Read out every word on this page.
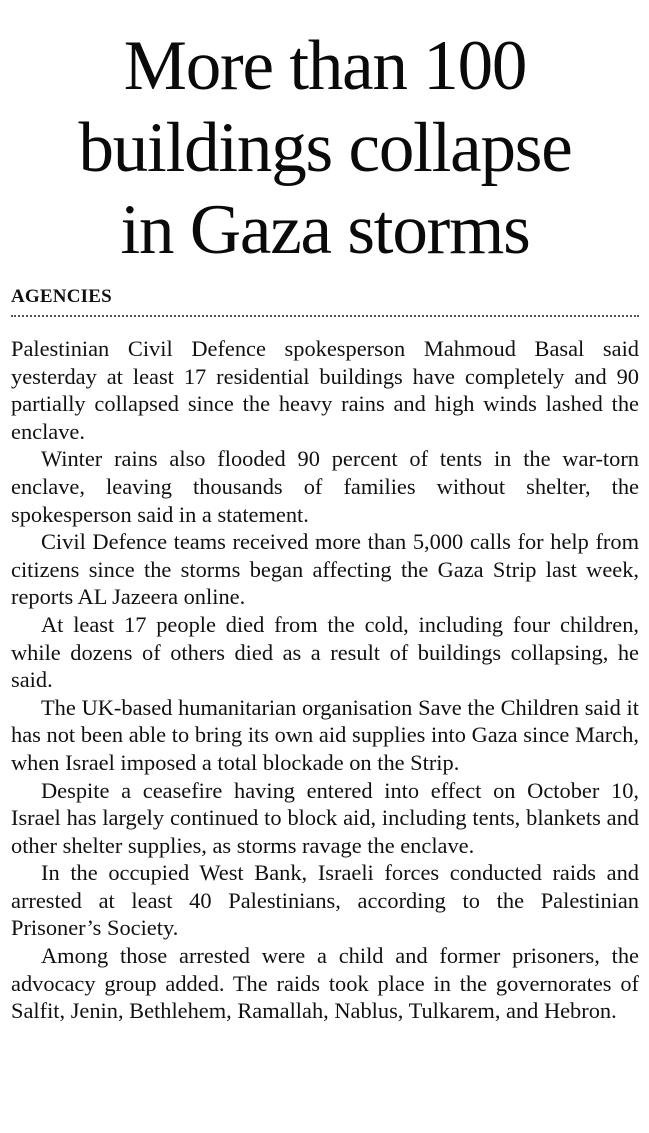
More than 100
buildings collapse
in Gaza storms
AGENCIES

Palestinian Civil Defence spokesperson Mahmoud Basal said yesterday at least 17 residential buildings have completely and 90 partially collapsed since the heavy rains and high winds lashed the enclave.

Winter rains also flooded 90 percent of tents in the war-torn enclave, leaving thousands of families without shelter, the spokesperson said in a statement.

Civil Defence teams received more than 5,000 calls for help from citizens since the storms began affecting the Gaza Strip last week, reports AL Jazeera online.

At least 17 people died from the cold, including four children, while dozens of others died as a result of buildings collapsing, he said.

The UK-based humanitarian organisation Save the Children said it has not been able to bring its own aid supplies into Gaza since March, when Israel imposed a total blockade on the Strip.

Despite a ceasefire having entered into effect on October 10, Israel has largely continued to block aid, including tents, blankets and other shelter supplies, as storms ravage the enclave.

In the occupied West Bank, Israeli forces conducted raids and arrested at least 40 Palestinians, according to the Palestinian Prisoner’s Society.

Among those arrested were a child and former prisoners, the advocacy group added. The raids took place in the governorates of Salfit, Jenin, Bethlehem, Ramallah, Nablus, Tulkarem, and Hebron.
